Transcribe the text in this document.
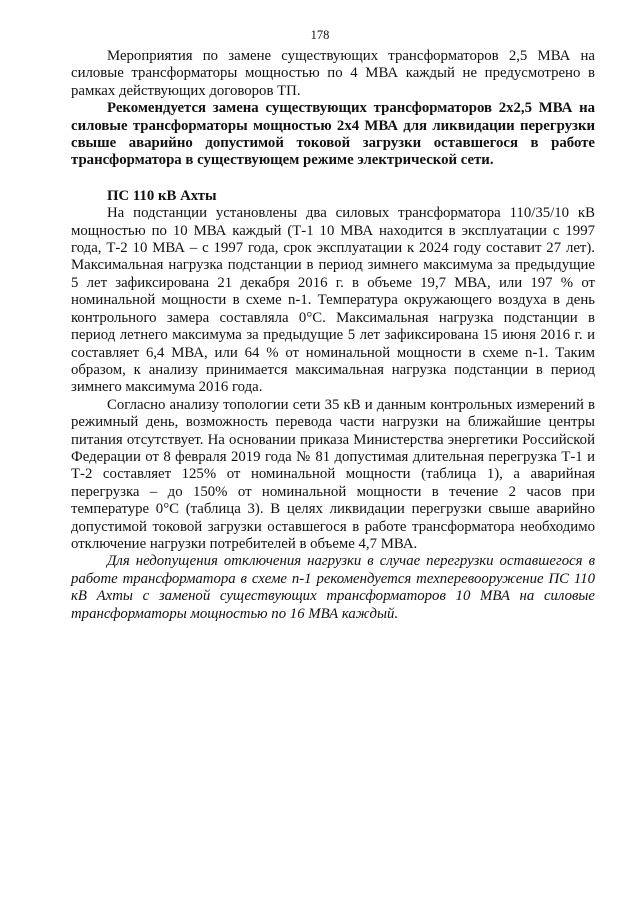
178

Мероприятия по замене существующих трансформаторов 2,5 МВА на силовые трансформаторы мощностью по 4 МВА каждый не предусмотрено в рамках действующих договоров ТП.

Рекомендуется замена существующих трансформаторов 2х2,5 МВА на силовые трансформаторы мощностью 2х4 МВА для ликвидации перегрузки свыше аварийно допустимой токовой загрузки оставшегося в работе трансформатора в существующем режиме электрической сети.

ПС 110 кВ Ахты

На подстанции установлены два силовых трансформатора 110/35/10 кВ мощностью по 10 МВА каждый (Т-1 10 МВА находится в эксплуатации с 1997 года, Т-2 10 МВА – с 1997 года, срок эксплуатации к 2024 году составит 27 лет). Максимальная нагрузка подстанции в период зимнего максимума за предыдущие 5 лет зафиксирована 21 декабря 2016 г. в объеме 19,7 МВА, или 197 % от номинальной мощности в схеме n-1. Температура окружающего воздуха в день контрольного замера составляла 0°С. Максимальная нагрузка подстанции в период летнего максимума за предыдущие 5 лет зафиксирована 15 июня 2016 г. и составляет 6,4 МВА, или 64 % от номинальной мощности в схеме n-1. Таким образом, к анализу принимается максимальная нагрузка подстанции в период зимнего максимума 2016 года.

Согласно анализу топологии сети 35 кВ и данным контрольных измерений в режимный день, возможность перевода части нагрузки на ближайшие центры питания отсутствует. На основании приказа Министерства энергетики Российской Федерации от 8 февраля 2019 года № 81 допустимая длительная перегрузка Т-1 и Т-2 составляет 125% от номинальной мощности (таблица 1), а аварийная перегрузка – до 150% от номинальной мощности в течение 2 часов при температуре 0°С (таблица 3). В целях ликвидации перегрузки свыше аварийно допустимой токовой загрузки оставшегося в работе трансформатора необходимо отключение нагрузки потребителей в объеме 4,7 МВА.

Для недопущения отключения нагрузки в случае перегрузки оставшегося в работе трансформатора в схеме n-1 рекомендуется техперевооружение ПС 110 кВ Ахты с заменой существующих трансформаторов 10 МВА на силовые трансформаторы мощностью по 16 МВА каждый.
